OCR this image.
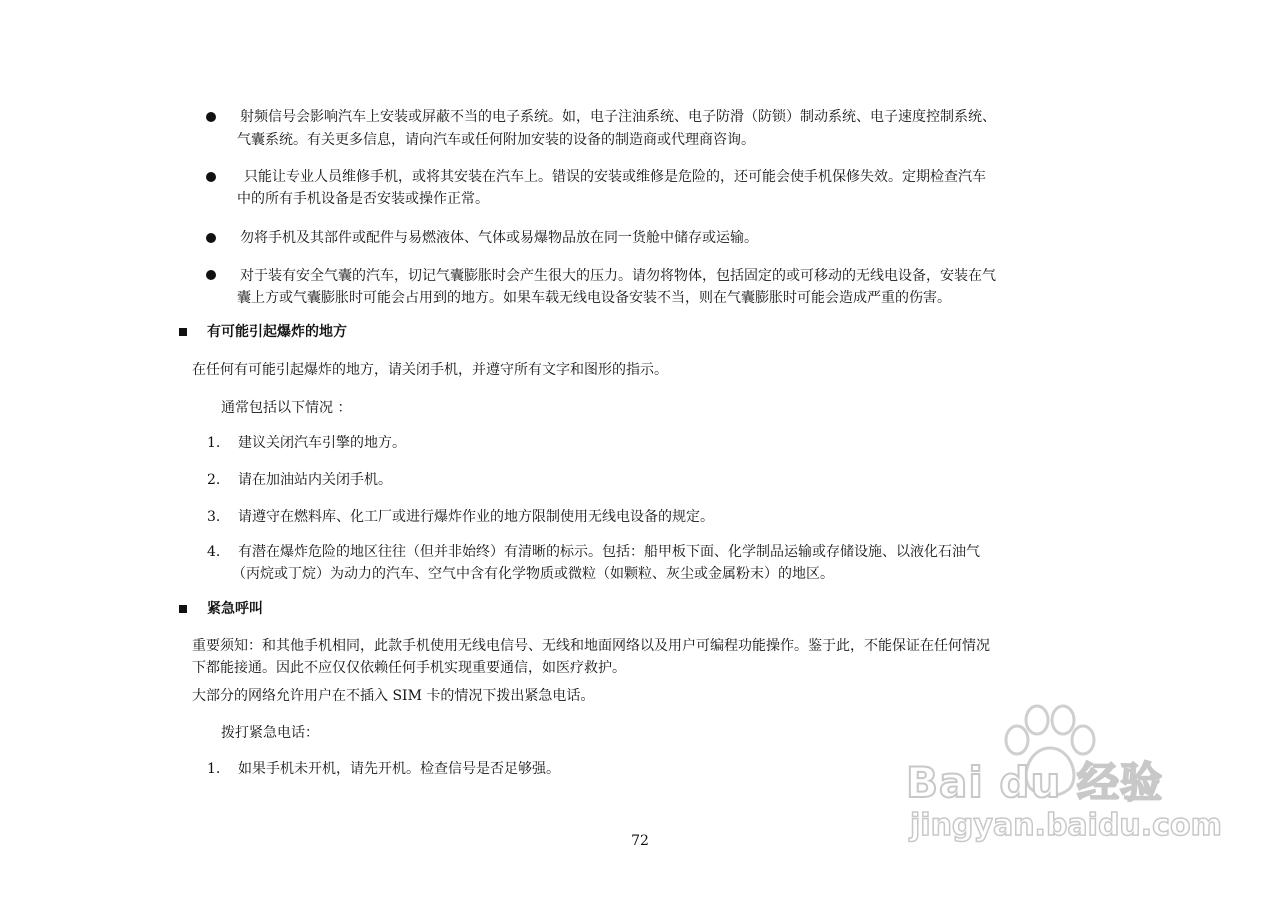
射频信号会影响汽车上安装或屏蔽不当的电子系统。如，电子注油系统、电子防滑（防锁）制动系统、电子速度控制系统、
气囊系统。有关更多信息，请向汽车或任何附加安装的设备的制造商或代理商咨询。
只能让专业人员维修手机，或将其安装在汽车上。错误的安装或维修是危险的，还可能会使手机保修失效。定期检查汽车
中的所有手机设备是否安装或操作正常。
勿将手机及其部件或配件与易燃液体、气体或易爆物品放在同一货舱中储存或运输。
对于装有安全气囊的汽车，切记气囊膨胀时会产生很大的压力。请勿将物体，包括固定的或可移动的无线电设备，安装在气
囊上方或气囊膨胀时可能会占用到的地方。如果车载无线电设备安装不当，则在气囊膨胀时可能会造成严重的伤害。
有可能引起爆炸的地方
在任何有可能引起爆炸的地方，请关闭手机，并遵守所有文字和图形的指示。
通常包括以下情况 ：
1. 建议关闭汽车引擎的地方。
2. 请在加油站内关闭手机。
3. 请遵守在燃料库、化工厂或进行爆炸作业的地方限制使用无线电设备的规定。
4. 有潜在爆炸危险的地区往往（但并非始终）有清晰的标示。包括：船甲板下面、化学制品运输或存储设施、以液化石油气
（丙烷或丁烷）为动力的汽车、空气中含有化学物质或微粒（如颗粒、灰尘或金属粉末）的地区。
紧急呼叫
重要须知：和其他手机相同，此款手机使用无线电信号、无线和地面网络以及用户可编程功能操作。鉴于此，不能保证在任何情况
下都能接通。因此不应仅仅依赖任何手机实现重要通信，如医疗救护。
大部分的网络允许用户在不插入 SIM 卡的情况下拨出紧急电话。
拨打紧急电话：
1. 如果手机未开机，请先开机。检查信号是否足够强。
72
Bai du 经验
jingyan.baidu.com
